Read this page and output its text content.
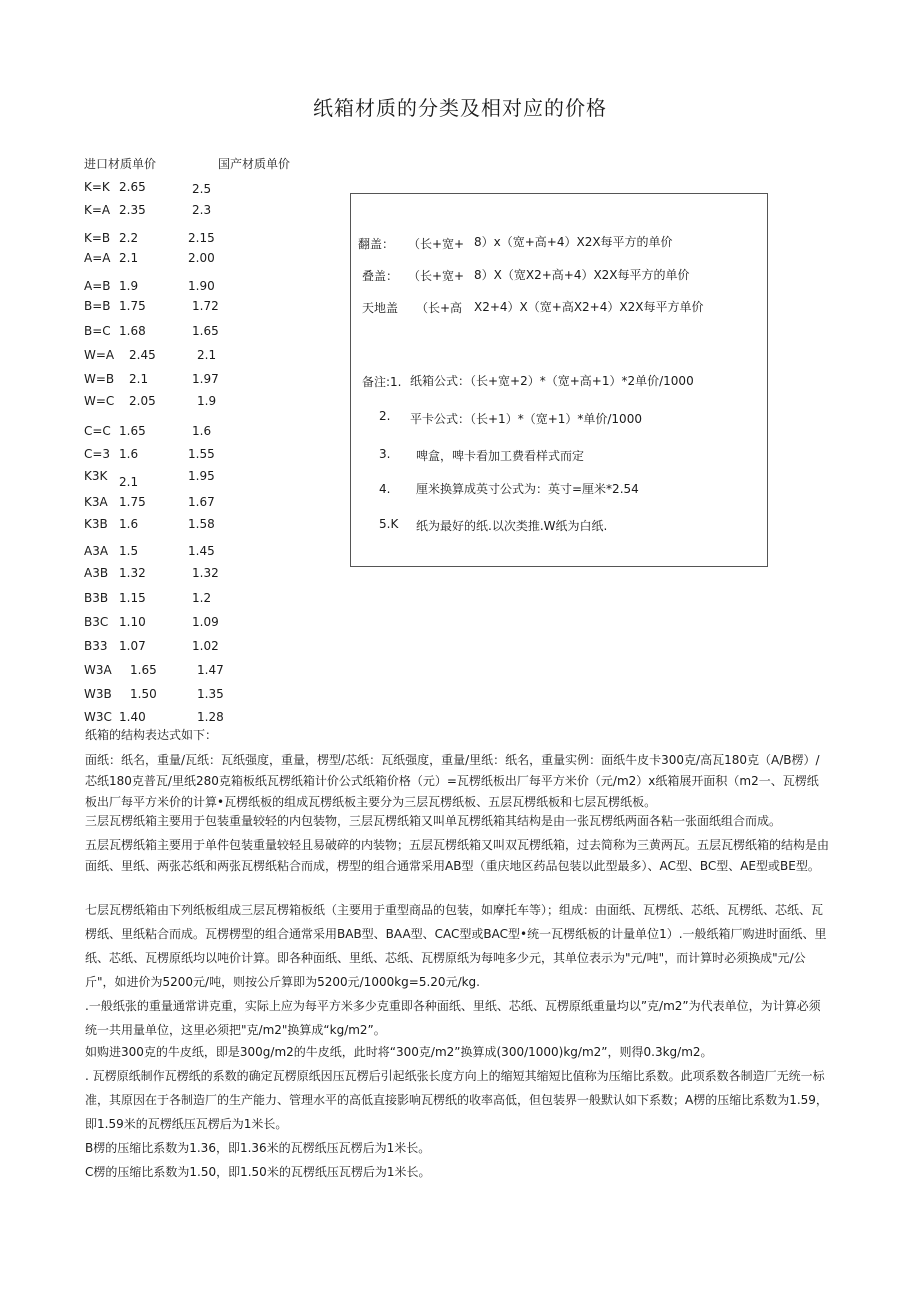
纸箱材质的分类及相对应的价格
进口材质单价	国产材质单价
K=K 2.65	2.5
K=A 2.35	2.3
K=B 2.2	2.15
A=A 2.1	2.00
A=B 1.9	1.90
B=B 1.75	1.72
B=C 1.68	1.65
W=A 2.45	2.1
W=B 2.1	1.97
W=C 2.05	1.9
C=C 1.65	1.6
C=3 1.6	1.55
K3K 2.1	1.95
K3A 1.75	1.67
K3B 1.6	1.58
A3A 1.5	1.45
A3B 1.32	1.32
B3B 1.15	1.2
B3C 1.10	1.09
B33 1.07	1.02
W3A 1.65	1.47
W3B 1.50	1.35
W3C 1.40	1.28
翻盖： （长+宽+ 8）x（宽+高+4）X2X每平方的单价
叠盖： （长+宽+ 8）X（宽X2+高+4）X2X每平方的单价
天地盖 （长+高 X2+4）X（宽+高X2+4）X2X每平方单价
备注:1. 纸箱公式：（长+宽+2）*（宽+高+1）*2单价/1000
2. 平卡公式：（长+1）*（宽+1）*单价/1000
3. 啤盒，啤卡看加工费看样式而定
4. 厘米换算成英寸公式为：英寸=厘米*2.54
5.K 纸为最好的纸.以次类推.W纸为白纸.
纸箱的结构表达式如下：
面纸：纸名，重量/瓦纸：瓦纸强度，重量，楞型/芯纸：瓦纸强度，重量/里纸：纸名，重量实例：面纸牛皮卡300克/高瓦180克（A/B楞）/芯纸180克普瓦/里纸280克箱板纸瓦楞纸箱计价公式纸箱价格（元）=瓦楞纸板出厂每平方米价（元/m2）x纸箱展开面积（m2一、瓦楞纸板出厂每平方米价的计算•瓦楞纸板的组成瓦楞纸板主要分为三层瓦楞纸板、五层瓦楞纸板和七层瓦楞纸板。
三层瓦楞纸箱主要用于包装重量较轻的内包装物，三层瓦楞纸箱又叫单瓦楞纸箱其结构是由一张瓦楞纸两面各粘一张面纸组合而成。
五层瓦楞纸箱主要用于单件包装重量较轻且易破碎的内装物；五层瓦楞纸箱又叫双瓦楞纸箱，过去简称为三黄两瓦。五层瓦楞纸箱的结构是由面纸、里纸、两张芯纸和两张瓦楞纸粘合而成，楞型的组合通常采用AB型（重庆地区药品包装以此型最多）、AC型、BC型、AE型或BE型。
七层瓦楞纸箱由下列纸板组成三层瓦楞箱板纸（主要用于重型商品的包装，如摩托车等）；组成：由面纸、瓦楞纸、芯纸、瓦楞纸、芯纸、瓦楞纸、里纸粘合而成。瓦楞楞型的组合通常采用BAB型、BAA型、CAC型或BAC型•统一瓦楞纸板的计量单位1）.一般纸箱厂购进时面纸、里纸、芯纸、瓦楞原纸均以吨价计算。即各种面纸、里纸、芯纸、瓦楞原纸为每吨多少元，其单位表示为"元/吨"，而计算时必须换成"元/公斤"，如进价为5200元/吨，则按公斤算即为5200元/1000kg=5.20元/kg.
.一般纸张的重量通常讲克重，实际上应为每平方米多少克重即各种面纸、里纸、芯纸、瓦楞原纸重量均以”克/m2”为代表单位，为计算必须统一共用量单位，这里必须把"克/m2"换算成“kg/m2”。
如购进300克的牛皮纸，即是300g/m2的牛皮纸，此时将“300克/m2”换算成(300/1000)kg/m2”，则得0.3kg/m2。
. 瓦楞原纸制作瓦楞纸的系数的确定瓦楞原纸因压瓦楞后引起纸张长度方向上的缩短其缩短比值称为压缩比系数。此项系数各制造厂无统一标准，其原因在于各制造厂的生产能力、管理水平的高低直接影响瓦楞纸的收率高低，但包装界一般默认如下系数；A楞的压缩比系数为1.59，即1.59米的瓦楞纸压瓦楞后为1米长。
B楞的压缩比系数为1.36，即1.36米的瓦楞纸压瓦楞后为1米长。
C楞的压缩比系数为1.50，即1.50米的瓦楞纸压瓦楞后为1米长。
